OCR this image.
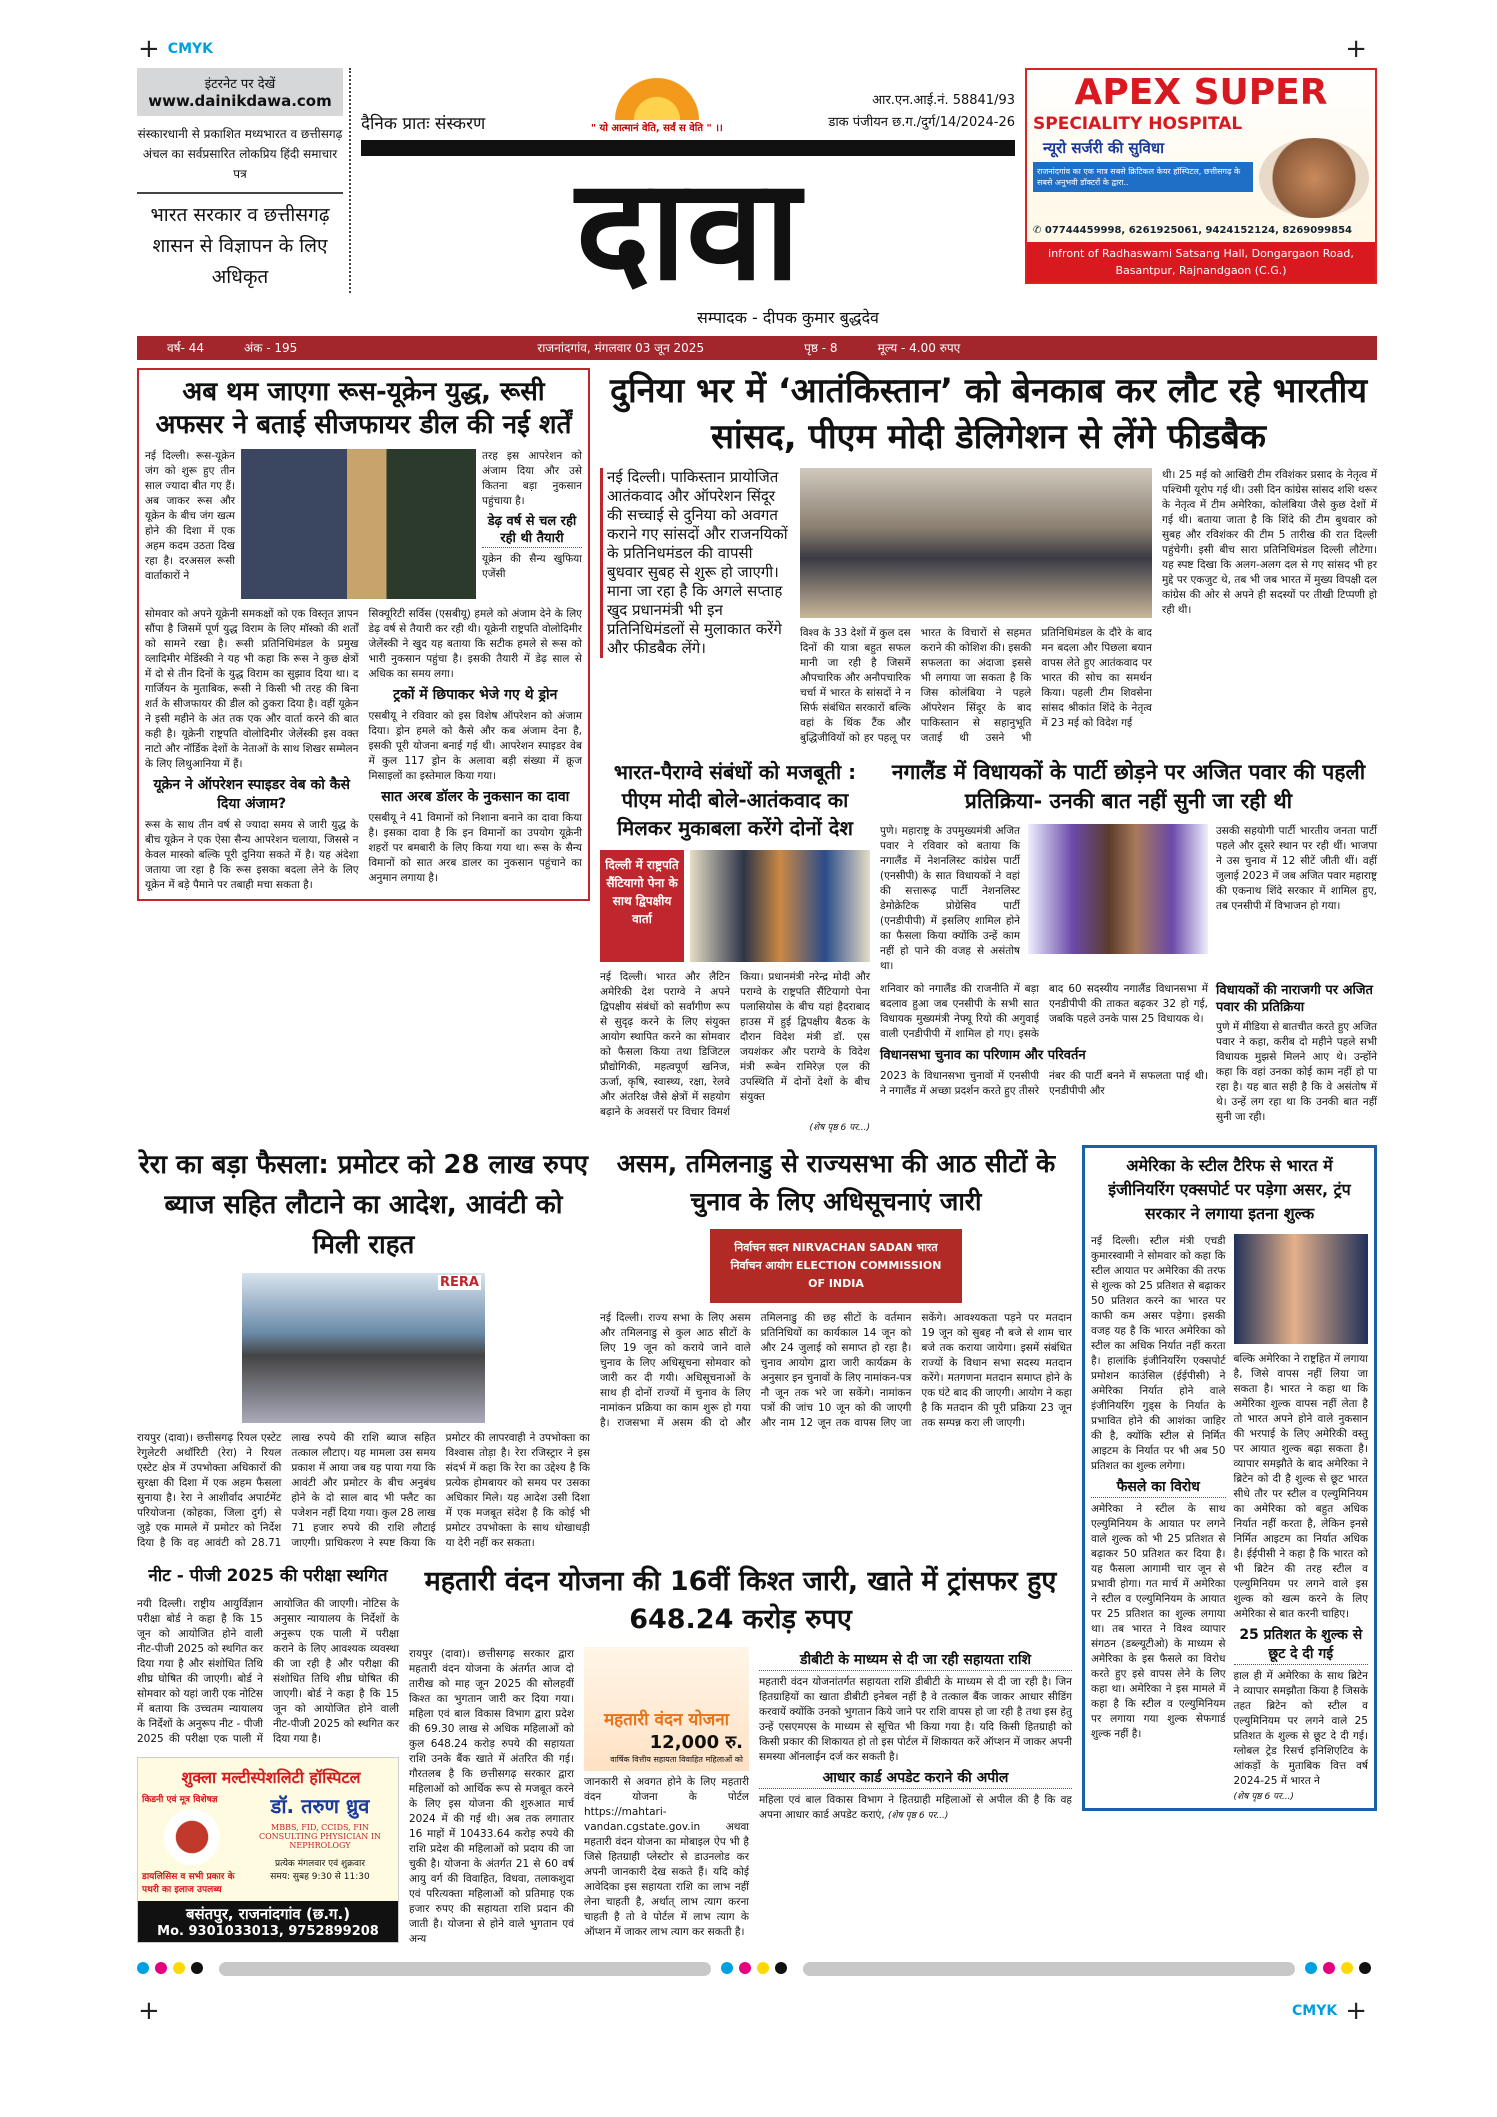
+ CMYK	+
इंटरनेट पर देखें
www.dainikdawa.com
संस्कारधानी से प्रकाशित मध्यभारत व छत्तीसगढ़ अंचल का सर्वप्रसारित लोकप्रिय हिंदी समाचार पत्र
भारत सरकार व छत्तीसगढ़ शासन से विज्ञापन के लिए अधिकृत
दैनिक प्रातः संस्करण	" यो आत्मानं वेति, सर्वं स वेति " ।।
आर.एन.आई.नं. 58841/93
डाक पंजीयन छ.ग./दुर्ग/14/2024-26
दावा
सम्पादक - दीपक कुमार बुद्धदेव
APEX SUPER
SPECIALITY HOSPITAL
न्यूरो सर्जरी की सुविधा
राजनांदगांव का एक मात्र सबसे क्रिटिकल केयर हॉस्पिटल, छत्तीसगढ़ के सबसे अनुभवी डॉक्टरों के द्वारा..
✆ 07744459998, 6261925061, 9424152124, 8269099854
infront of Radhaswami Satsang Hall, Dongargaon Road, Basantpur, Rajnandgaon (C.G.)
वर्ष- 44	अंक - 195	राजनांदगांव, मंगलवार 03 जून 2025	पृष्ठ - 8	मूल्य - 4.00 रुपए
अब थम जाएगा रूस-यूक्रेन युद्ध, रूसी अफसर ने बताई सीजफायर डील की नई शर्तें
नई दिल्ली। रूस-यूक्रेन जंग को शुरू हुए तीन साल ज्यादा बीत गए हैं। अब जाकर रूस और यूक्रेन के बीच जंग खत्म होने की दिशा में एक अहम कदम उठता दिख रहा है। दरअसल रूसी वार्ताकारों ने
तरह इस आपरेशन को अंजाम दिया और उसे कितना बड़ा नुकसान पहुंचाया है।
डेढ़ वर्ष से चल रही रही थी तैयारी
यूक्रेन की सैन्य खुफिया एजेंसी
सोमवार को अपने यूक्रेनी समकक्षों को एक विस्तृत ज्ञापन सौंपा है जिसमें पूर्ण युद्ध विराम के लिए मॉस्को की शर्तों को सामने रखा है। रूसी प्रतिनिधिमंडल के प्रमुख व्लादिमीर मेडिंस्की ने यह भी कहा कि रूस ने कुछ क्षेत्रों में दो से तीन दिनों के युद्ध विराम का सुझाव दिया था। द गार्जियन के मुताबिक, रूसी ने किसी भी तरह की बिना शर्त के सीजफायर की डील को ठुकरा दिया है। वहीं यूक्रेन ने इसी महीने के अंत तक एक और वार्ता करने की बात कही है। यूक्रेनी राष्ट्रपति वोलोदिमीर जेलेंस्की इस वक्त नाटो और नॉर्डिक देशों के नेताओं के साथ शिखर सम्मेलन के लिए लिथुआनिया में हैं।
यूक्रेन ने ऑपरेशन स्पाइडर वेब को कैसे दिया अंजाम?
रूस के साथ तीन वर्ष से ज्यादा समय से जारी युद्ध के बीच यूक्रेन ने एक ऐसा सैन्य आपरेशन चलाया, जिससे न केवल मास्को बल्कि पूरी दुनिया सकते में है। यह अंदेशा जताया जा रहा है कि रूस इसका बदला लेने के लिए यूक्रेन में बड़े पैमाने पर तबाही मचा सकता है।
सिक्यूरिटी सर्विस (एसबीयू) हमले को अंजाम देने के लिए डेढ़ वर्ष से तैयारी कर रही थी। यूक्रेनी राष्ट्रपति वोलोदिमीर जेलेंस्की ने खुद यह बताया कि सटीक हमले से रूस को भारी नुकसान पहुंचा है। इसकी तैयारी में डेढ़ साल से अधिक का समय लगा।
ट्रकों में छिपाकर भेजे गए थे ड्रोन
एसबीयू ने रविवार को इस विशेष ऑपरेशन को अंजाम दिया। ड्रोन हमले को कैसे और कब अंजाम देना है, इसकी पूरी योजना बनाई गई थी। आपरेशन स्पाइडर वेब में कुल 117 ड्रोन के अलावा बड़ी संख्या में क्रूज मिसाइलों का इस्तेमाल किया गया।
सात अरब डॉलर के नुकसान का दावा
एसबीयू ने 41 विमानों को निशाना बनाने का दावा किया है। इसका दावा है कि इन विमानों का उपयोग यूक्रेनी शहरों पर बमबारी के लिए किया गया था। रूस के सैन्य विमानों को सात अरब डालर का नुकसान पहुंचाने का अनुमान लगाया है।
दुनिया भर में ‘आतंकिस्तान’ को बेनकाब कर लौट रहे भारतीय सांसद, पीएम मोदी डेलिगेशन से लेंगे फीडबैक
नई दिल्ली। पाकिस्तान प्रायोजित आतंकवाद और ऑपरेशन सिंदूर की सच्चाई से दुनिया को अवगत कराने गए सांसदों और राजनयिकों के प्रतिनिधमंडल की वापसी बुधवार सुबह से शुरू हो जाएगी। माना जा रहा है कि अगले सप्ताह खुद प्रधानमंत्री भी इन प्रतिनिधिमंडलों से मुलाकात करेंगे और फीडबैक लेंगे।
विश्व के 33 देशों में कुल दस दिनों की यात्रा बहुत सफल मानी जा रही है जिसमें औपचारिक और अनौपचारिक चर्चा में भारत के सांसदों ने न सिर्फ संबंधित सरकारों बल्कि वहां के थिंक टैंक और बुद्धिजीवियों को हर पहलू पर भारत के विचारों से सहमत कराने की कोशिश की। इसकी सफलता का अंदाजा इससे भी लगाया जा सकता है कि जिस कोलंबिया ने पहले ऑपरेशन सिंदूर के बाद पाकिस्तान से सहानुभूति जताई थी उसने भी प्रतिनिधिमंडल के दौरे के बाद मन बदला और पिछला बयान वापस लेते हुए आतंकवाद पर भारत की सोच का समर्थन किया। पहली टीम शिवसेना सांसद श्रीकांत शिंदे के नेतृत्व में 23 मई को विदेश गई
थी। 25 मई को आखिरी टीम रविशंकर प्रसाद के नेतृत्व में पश्चिमी यूरोप गई थी। उसी दिन कांग्रेस सांसद शशि थरूर के नेतृत्व में टीम अमेरिका, कोलंबिया जैसे कुछ देशों में गई थी। बताया जाता है कि शिंदे की टीम बुधवार को सुबह और रविशंकर की टीम 5 तारीख की रात दिल्ली पहुंचेगी। इसी बीच सारा प्रतिनिधिमंडल दिल्ली लौटेगा। यह स्पष्ट दिखा कि अलग-अलग दल से गए सांसद भी हर मुद्दे पर एकजुट थे, तब भी जब भारत में मुख्य विपक्षी दल कांग्रेस की ओर से अपने ही सदस्यों पर तीखी टिप्पणी हो रही थी।
भारत-पैराग्वे संबंधों को मजबूती : पीएम मोदी बोले-आतंकवाद का मिलकर मुकाबला करेंगे दोनों देश
दिल्ली में राष्ट्रपति सैंटियागो पेना के साथ द्विपक्षीय वार्ता
नई दिल्ली। भारत और लैटिन अमेरिकी देश पराग्वे ने अपने द्विपक्षीय संबंधों को सर्वांगीण रूप से सुदृढ़ करने के लिए संयुक्त आयोग स्थापित करने का सोमवार को फैसला किया तथा डिजिटल प्रौद्योगिकी, महत्वपूर्ण खनिज, ऊर्जा, कृषि, स्वास्थ्य, रक्षा, रेलवे और अंतरिक्ष जैसे क्षेत्रों में सहयोग बढ़ाने के अवसरों पर विचार विमर्श किया। प्रधानमंत्री नरेन्द्र मोदी और पराग्वे के राष्ट्रपति सैंटियागो पेना पलासियोस के बीच यहां हैदराबाद हाउस में हुई द्विपक्षीय बैठक के दौरान विदेश मंत्री डॉ. एस जयशंकर और पराग्वे के विदेश मंत्री रूबेन रामिरेज़ एल की उपस्थिति में दोनों देशों के बीच संयुक्त
(शेष पृष्ठ 6 पर...)
नगालैंड में विधायकों के पार्टी छोड़ने पर अजित पवार की पहली प्रतिक्रिया- उनकी बात नहीं सुनी जा रही थी
पुणे। महाराष्ट्र के उपमुख्यमंत्री अजित पवार ने रविवार को बताया कि नगालैंड में नेशनलिस्ट कांग्रेस पार्टी (एनसीपी) के सात विधायकों ने वहां की सत्तारूढ़ पार्टी नेशनलिस्ट डेमोक्रेटिक प्रोग्रेसिव पार्टी (एनडीपीपी) में इसलिए शामिल होने का फैसला किया क्योंकि उन्हें काम नहीं हो पाने की वजह से असंतोष था।
उसकी सहयोगी पार्टी भारतीय जनता पार्टी पहले और दूसरे स्थान पर रही थीं। भाजपा ने उस चुनाव में 12 सीटें जीती थीं। वहीं जुलाई 2023 में जब अजित पवार महाराष्ट्र की एकनाथ शिंदे सरकार में शामिल हुए, तब एनसीपी में विभाजन हो गया।
शनिवार को नगालैंड की राजनीति में बड़ा बदलाव हुआ जब एनसीपी के सभी सात विधायक मुख्यमंत्री नेफ्यू रियो की अगुवाई वाली एनडीपीपी में शामिल हो गए। इसके बाद 60 सदस्यीय नगालैंड विधानसभा में एनडीपीपी की ताकत बढ़कर 32 हो गई, जबकि पहले उनके पास 25 विधायक थे।
विधानसभा चुनाव का परिणाम और परिवर्तन
2023 के विधानसभा चुनावों में एनसीपी ने नगालैंड में अच्छा प्रदर्शन करते हुए तीसरे नंबर की पार्टी बनने में सफलता पाई थी। एनडीपीपी और
विधायकों की नाराजगी पर अजित पवार की प्रतिक्रिया
पुणे में मीडिया से बातचीत करते हुए अजित पवार ने कहा, करीब दो महीने पहले सभी विधायक मुझसे मिलने आए थे। उन्होंने कहा कि वहां उनका कोई काम नहीं हो पा रहा है। यह बात सही है कि वे असंतोष में थे। उन्हें लग रहा था कि उनकी बात नहीं सुनी जा रही।
रेरा का बड़ा फैसला: प्रमोटर को 28 लाख रुपए ब्याज सहित लौटाने का आदेश, आवंटी को मिली राहत
RERA
रायपुर (दावा)। छत्तीसगढ़ रियल एस्टेट रेगुलेटरी अथॉरिटी (रेरा) ने रियल एस्टेट क्षेत्र में उपभोक्ता अधिकारों की सुरक्षा की दिशा में एक अहम फैसला सुनाया है। रेरा ने आशीर्वाद अपार्टमेंट परियोजना (कोहका, जिला दुर्ग) से जुड़े एक मामले में प्रमोटर को निर्देश दिया है कि वह आवंटी को 28.71 लाख रुपये की राशि ब्याज सहित तत्काल लौटाए। यह मामला उस समय प्रकाश में आया जब यह पाया गया कि आवंटी और प्रमोटर के बीच अनुबंध होने के दो साल बाद भी फ्लैट का पजेशन नहीं दिया गया। कुल 28 लाख 71 हजार रुपये की राशि लौटाई जाएगी। प्राधिकरण ने स्पष्ट किया कि प्रमोटर की लापरवाही ने उपभोक्ता का विश्वास तोड़ा है। रेरा रजिस्ट्रार ने इस संदर्भ में कहा कि रेरा का उद्देश्य है कि प्रत्येक होमबायर को समय पर उसका अधिकार मिले। यह आदेश उसी दिशा में एक मजबूत संदेश है कि कोई भी प्रमोटर उपभोक्ता के साथ धोखाधड़ी या देरी नहीं कर सकता।
असम, तमिलनाडु से राज्यसभा की आठ सीटों के चुनाव के लिए अधिसूचनाएं जारी
निर्वाचन सदन NIRVACHAN SADAN भारत निर्वाचन आयोग ELECTION COMMISSION OF INDIA
नई दिल्ली। राज्य सभा के लिए असम और तमिलनाडु से कुल आठ सीटों के लिए 19 जून को कराये जाने वाले चुनाव के लिए अधिसूचना सोमवार को जारी कर दी गयी। अधिसूचनाओं के साथ ही दोनों राज्यों में चुनाव के लिए नामांकन प्रक्रिया का काम शुरू हो गया है। राजसभा में असम की दो और तमिलनाडु की छह सीटों के वर्तमान प्रतिनिधियों का कार्यकाल 14 जून को और 24 जुलाई को समाप्त हो रहा है। चुनाव आयोग द्वारा जारी कार्यक्रम के अनुसार इन चुनावों के लिए नामांकन-पत्र नौ जून तक भरे जा सकेंगे। नामांकन पत्रों की जांच 10 जून को की जाएगी और नाम 12 जून तक वापस लिए जा सकेंगे। आवश्यकता पड़ने पर मतदान 19 जून को सुबह नौ बजे से शाम चार बजे तक कराया जायेगा। इसमें संबंधित राज्यों के विधान सभा सदस्य मतदान करेंगे। मतगणना मतदान समाप्त होने के एक घंटे बाद की जाएगी। आयोग ने कहा है कि मतदान की पूरी प्रक्रिया 23 जून तक सम्पन्न करा ली जाएगी।
नीट - पीजी 2025 की परीक्षा स्थगित
नयी दिल्ली। राष्ट्रीय आयुर्विज्ञान परीक्षा बोर्ड ने कहा है कि 15 जून को आयोजित होने वाली नीट-पीजी 2025 को स्थगित कर दिया गया है और संशोधित तिथि शीघ्र घोषित की जाएगी। बोर्ड ने सोमवार को यहां जारी एक नोटिस में बताया कि उच्चतम न्यायालय के निर्देशों के अनुरूप नीट - पीजी 2025 की परीक्षा एक पाली में आयोजित की जाएगी। नोटिस के अनुसार न्यायालय के निर्देशों के अनुरूप एक पाली में परीक्षा कराने के लिए आवश्यक व्यवस्था की जा रही है और परीक्षा की संशोधित तिथि शीघ्र घोषित की जाएगी। बोर्ड ने कहा है कि 15 जून को आयोजित होने वाली नीट-पीजी 2025 को स्थगित कर दिया गया है।
शुक्ला मल्टीस्पेशलिटी हॉस्पिटल
किडनी एवं मूत्र विशेषज्ञ
डायलिसिस व सभी प्रकार के पथरी का इलाज उपलब्ध
डॉ. तरुण ध्रुव
MBBS, FID, CCIDS, FIN CONSULTING PHYSICIAN IN NEPHROLOGY
प्रत्येक मंगलवार एवं शुक्रवार
समय: सुबह 9:30 से 11:30
बसंतपुर, राजनांदगांव (छ.ग.)
Mo. 9301033013, 9752899208
महतारी वंदन योजना की 16वीं किश्त जारी, खाते में ट्रांसफर हुए 648.24 करोड़ रुपए
रायपुर (दावा)। छत्तीसगढ़ सरकार द्वारा महतारी वंदन योजना के अंतर्गत आज दो तारीख को माह जून 2025 की सोलहवीं किश्त का भुगतान जारी कर दिया गया। महिला एवं बाल विकास विभाग द्वारा प्रदेश की 69.30 लाख से अधिक महिलाओं को कुल 648.24 करोड़ रुपये की सहायता राशि उनके बैंक खाते में अंतरित की गई। गौरतलब है कि छत्तीसगढ़ सरकार द्वारा महिलाओं को आर्थिक रूप से मजबूत करने के लिए इस योजना की शुरुआत मार्च 2024 में की गई थी। अब तक लगातार 16 माहों में 10433.64 करोड़ रुपये की राशि प्रदेश की महिलाओं को प्रदाय की जा चुकी है। योजना के अंतर्गत 21 से 60 वर्ष आयु वर्ग की विवाहित, विधवा, तलाकशुदा एवं परित्यक्ता महिलाओं को प्रतिमाह एक हजार रुपए की सहायता राशि प्रदान की जाती है। योजना से होने वाले भुगतान एवं अन्य
महतारी वंदन योजना
12,000 रु.
वार्षिक वित्तीय सहायता विवाहित महिलाओं को
जानकारी से अवगत होने के लिए महतारी वंदन योजना के पोर्टल https://mahtari-vandan.cgstate.gov.in अथवा महतारी वंदन योजना का मोबाइल ऐप भी है जिसे हितग्राही प्लेस्टोर से डाउनलोड कर अपनी जानकारी देख सकते हैं। यदि कोई आवेदिका इस सहायता राशि का लाभ नहीं लेना चाहती है, अर्थात् लाभ त्याग करना चाहती है तो वे पोर्टल में लाभ त्याग के ऑप्शन में जाकर लाभ त्याग कर सकती है।
डीबीटी के माध्यम से दी जा रही सहायता राशि
महतारी वंदन योजनांतर्गत सहायता राशि डीबीटी के माध्यम से दी जा रही है। जिन हितग्राहियों का खाता डीबीटी इनेबल नहीं है वे तत्काल बैंक जाकर आधार सीडिंग करवायें क्योंकि उनको भुगतान किये जाने पर राशि वापस हो जा रही है तथा इस हेतु उन्हें एसएमएस के माध्यम से सूचित भी किया गया है। यदि किसी हितग्राही को किसी प्रकार की शिकायत हो तो इस पोर्टल में शिकायत करें ऑप्शन में जाकर अपनी समस्या ऑनलाईन दर्ज कर सकती है।
आधार कार्ड अपडेट कराने की अपील
महिला एवं बाल विकास विभाग ने हितग्राही महिलाओं से अपील की है कि वह अपना आधार कार्ड अपडेट कराएं, (शेष पृष्ठ 6 पर...)
अमेरिका के स्टील टैरिफ से भारत में इंजीनियरिंग एक्सपोर्ट पर पड़ेगा असर, ट्रंप सरकार ने लगाया इतना शुल्क
नई दिल्ली। स्टील मंत्री एचडी कुमारस्वामी ने सोमवार को कहा कि स्टील आयात पर अमेरिका की तरफ से शुल्क को 25 प्रतिशत से बढ़ाकर 50 प्रतिशत करने का भारत पर काफी कम असर पड़ेगा। इसकी वजह यह है कि भारत अमेरिका को स्टील का अधिक निर्यात नहीं करता है। हालांकि इंजीनियरिंग एक्सपोर्ट प्रमोशन काउंसिल (ईईपीसी) ने अमेरिका निर्यात होने वाले इंजीनियरिंग गुड्स के निर्यात के प्रभावित होने की आशंका जाहिर की है, क्योंकि स्टील से निर्मित आइटम के निर्यात पर भी अब 50 प्रतिशत का शुल्क लगेगा।
फैसले का विरोध
अमेरिका ने स्टील के साथ एल्युमिनियम के आयात पर लगने वाले शुल्क को भी 25 प्रतिशत से बढ़ाकर 50 प्रतिशत कर दिया है। यह फैसला आगामी चार जून से प्रभावी होगा। गत मार्च में अमेरिका ने स्टील व एल्युमिनियम के आयात पर 25 प्रतिशत का शुल्क लगाया था। तब भारत ने विश्व व्यापार संगठन (डब्ल्यूटीओ) के माध्यम से अमेरिका के इस फैसले का विरोध करते हुए इसे वापस लेने के लिए कहा था। अमेरिका ने इस मामले में कहा है कि स्टील व एल्युमिनियम पर लगाया गया शुल्क सेफगार्ड शुल्क नहीं है।
बल्कि अमेरिका ने राष्ट्रहित में लगाया है, जिसे वापस नहीं लिया जा सकता है। भारत ने कहा था कि अमेरिका शुल्क वापस नहीं लेता है तो भारत अपने होने वाले नुकसान की भरपाई के लिए अमेरिकी वस्तु पर आयात शुल्क बढ़ा सकता है। व्यापार समझौते के बाद अमेरिका ने ब्रिटेन को दी है शुल्क से छूट भारत सीधे तौर पर स्टील व एल्युमिनियम का अमेरिका को बहुत अधिक निर्यात नहीं करता है, लेकिन इनसे निर्मित आइटम का निर्यात अधिक है। ईईपीसी ने कहा है कि भारत को भी ब्रिटेन की तरह स्टील व एल्युमिनियम पर लगने वाले इस शुल्क को खत्म करने के लिए अमेरिका से बात करनी चाहिए।
25 प्रतिशत के शुल्क से छूट दे दी गई
हाल ही में अमेरिका के साथ ब्रिटेन ने व्यापार समझौता किया है जिसके तहत ब्रिटेन को स्टील व एल्युमिनियम पर लगने वाले 25 प्रतिशत के शुल्क से छूट दे दी गई। ग्लोबल ट्रेड रिसर्च इनिशिएटिव के आंकड़ों के मुताबिक वित्त वर्ष 2024-25 में भारत ने
(शेष पृष्ठ 6 पर...)
+	CMYK +
